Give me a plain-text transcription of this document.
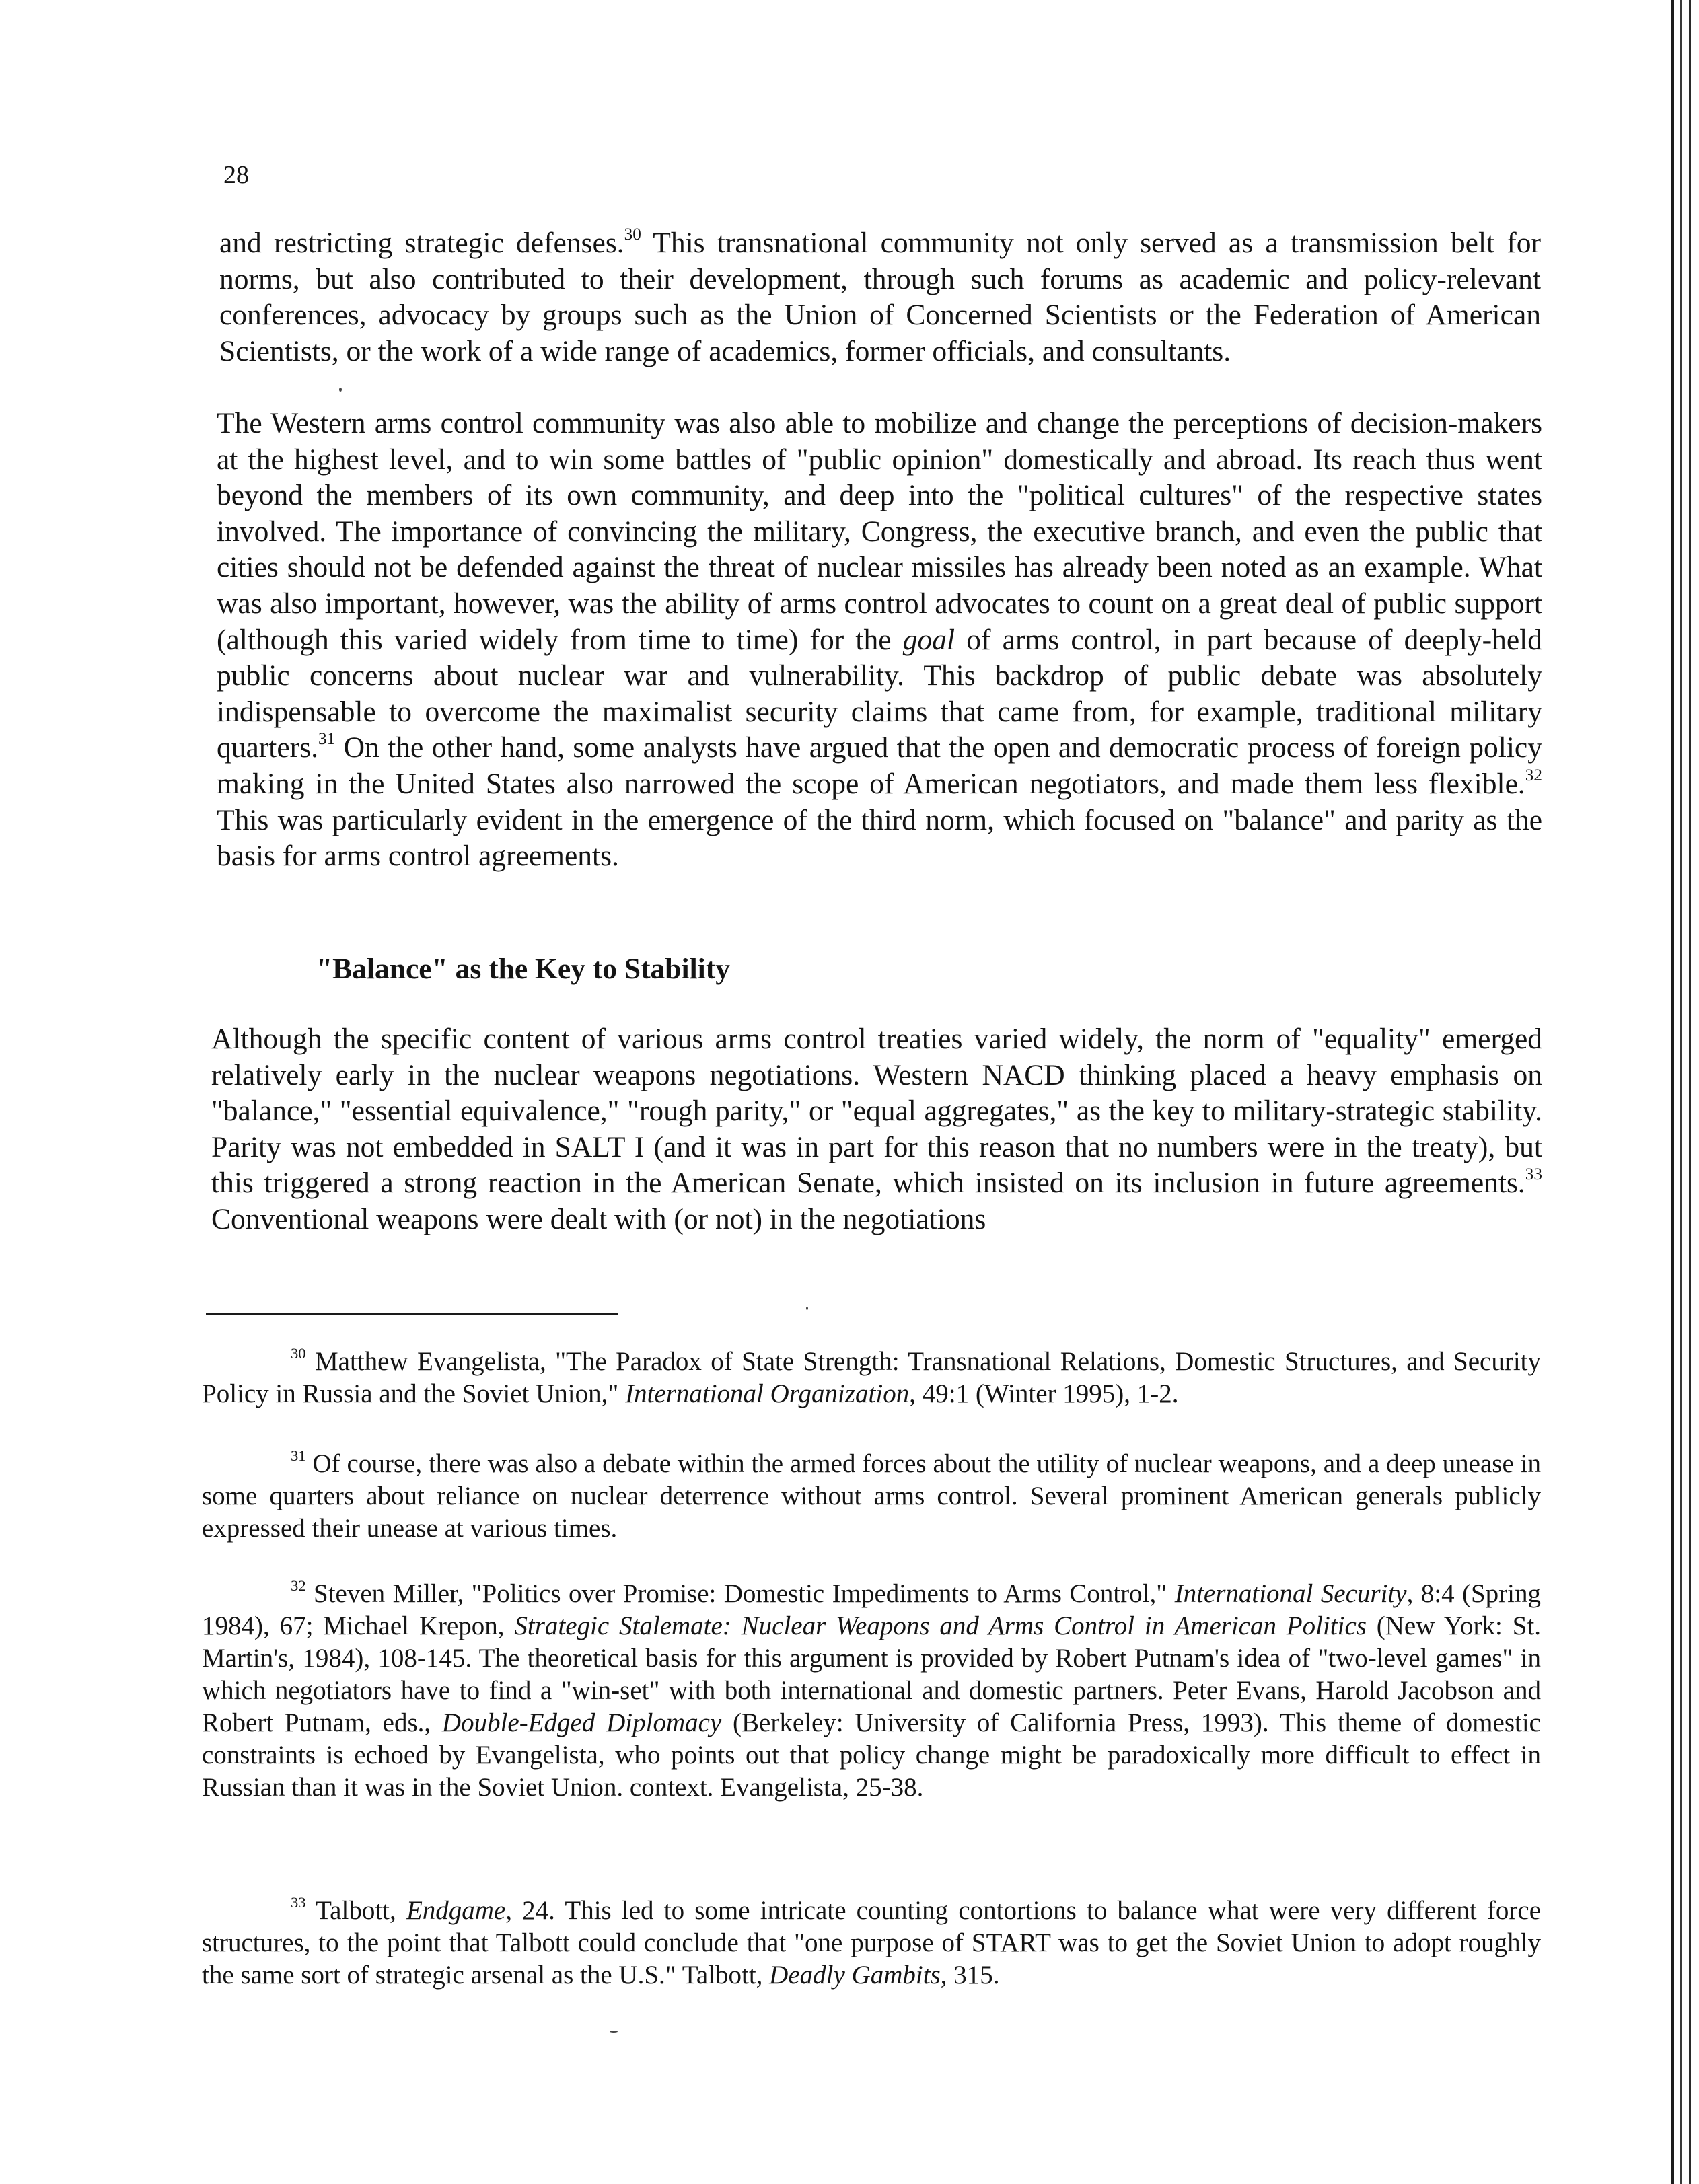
28

and restricting strategic defenses.$^{30}$ This transnational community not only served as a transmission belt for norms, but also contributed to their development, through such forums as academic and policy-relevant conferences, advocacy by groups such as the Union of Concerned Scientists or the Federation of American Scientists, or the work of a wide range of academics, former officials, and consultants.

The Western arms control community was also able to mobilize and change the perceptions of decision-makers at the highest level, and to win some battles of "public opinion" domestically and abroad. Its reach thus went beyond the members of its own community, and deep into the "political cultures" of the respective states involved. The importance of convincing the military, Congress, the executive branch, and even the public that cities should not be defended against the threat of nuclear missiles has already been noted as an example. What was also important, however, was the ability of arms control advocates to count on a great deal of public support (although this varied widely from time to time) for the goal of arms control, in part because of deeply-held public concerns about nuclear war and vulnerability. This backdrop of public debate was absolutely indispensable to overcome the maximalist security claims that came from, for example, traditional military quarters.$^{31}$ On the other hand, some analysts have argued that the open and democratic process of foreign policy making in the United States also narrowed the scope of American negotiators, and made them less flexible.$^{32}$ This was particularly evident in the emergence of the third norm, which focused on "balance" and parity as the basis for arms control agreements.

"Balance" as the Key to Stability

Although the specific content of various arms control treaties varied widely, the norm of "equality" emerged relatively early in the nuclear weapons negotiations. Western NACD thinking placed a heavy emphasis on "balance," "essential equivalence," "rough parity," or "equal aggregates," as the key to military-strategic stability. Parity was not embedded in SALT I (and it was in part for this reason that no numbers were in the treaty), but this triggered a strong reaction in the American Senate, which insisted on its inclusion in future agreements.$^{33}$ Conventional weapons were dealt with (or not) in the negotiations

$^{30}$ Matthew Evangelista, "The Paradox of State Strength: Transnational Relations, Domestic Structures, and Security Policy in Russia and the Soviet Union," International Organization, 49:1 (Winter 1995), 1-2.

$^{31}$ Of course, there was also a debate within the armed forces about the utility of nuclear weapons, and a deep unease in some quarters about reliance on nuclear deterrence without arms control. Several prominent American generals publicly expressed their unease at various times.

$^{32}$ Steven Miller, "Politics over Promise: Domestic Impediments to Arms Control," International Security, 8:4 (Spring 1984), 67; Michael Krepon, Strategic Stalemate: Nuclear Weapons and Arms Control in American Politics (New York: St. Martin's, 1984), 108-145. The theoretical basis for this argument is provided by Robert Putnam's idea of "two-level games" in which negotiators have to find a "win-set" with both international and domestic partners. Peter Evans, Harold Jacobson and Robert Putnam, eds., Double-Edged Diplomacy (Berkeley: University of California Press, 1993). This theme of domestic constraints is echoed by Evangelista, who points out that policy change might be paradoxically more difficult to effect in Russian than it was in the Soviet Union. context. Evangelista, 25-38.

$^{33}$ Talbott, Endgame, 24. This led to some intricate counting contortions to balance what were very different force structures, to the point that Talbott could conclude that "one purpose of START was to get the Soviet Union to adopt roughly the same sort of strategic arsenal as the U.S." Talbott, Deadly Gambits, 315.
